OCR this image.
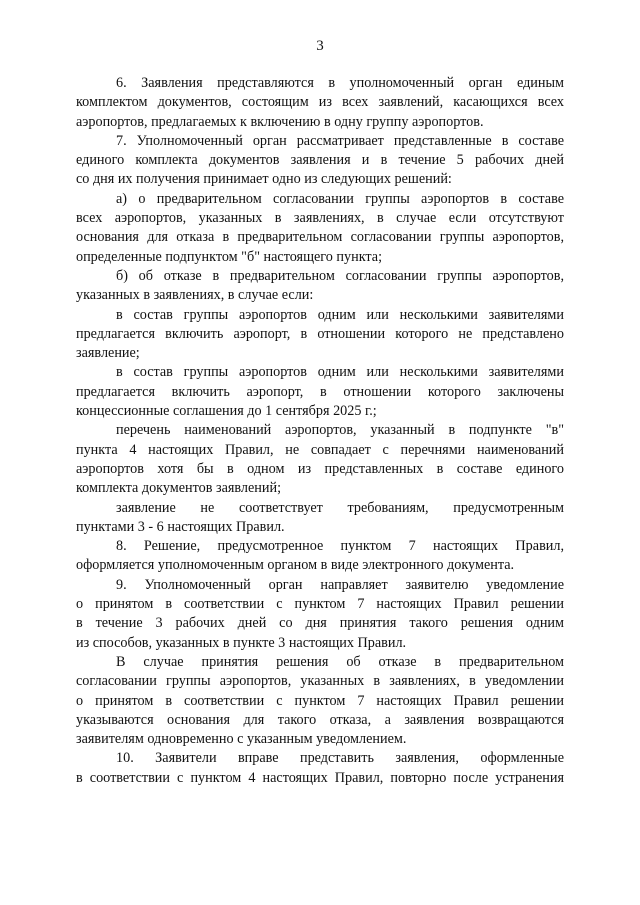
3

6. Заявления представляются в уполномоченный орган единым
комплектом документов, состоящим из всех заявлений, касающихся всех
аэропортов, предлагаемых к включению в одну группу аэропортов.

7. Уполномоченный орган рассматривает представленные в составе
единого комплекта документов заявления и в течение 5 рабочих дней
со дня их получения принимает одно из следующих решений:

а) о предварительном согласовании группы аэропортов в составе
всех аэропортов, указанных в заявлениях, в случае если отсутствуют
основания для отказа в предварительном согласовании группы аэропортов,
определенные подпунктом "б" настоящего пункта;

б) об отказе в предварительном согласовании группы аэропортов,
указанных в заявлениях, в случае если:

в состав группы аэропортов одним или несколькими заявителями
предлагается включить аэропорт, в отношении которого не представлено
заявление;

в состав группы аэропортов одним или несколькими заявителями
предлагается включить аэропорт, в отношении которого заключены
концессионные соглашения до 1 сентября 2025 г.;

перечень наименований аэропортов, указанный в подпункте "в"
пункта 4 настоящих Правил, не совпадает с перечнями наименований
аэропортов хотя бы в одном из представленных в составе единого
комплекта документов заявлений;

заявление не соответствует требованиям, предусмотренным
пунктами 3 - 6 настоящих Правил.

8. Решение, предусмотренное пунктом 7 настоящих Правил,
оформляется уполномоченным органом в виде электронного документа.

9. Уполномоченный орган направляет заявителю уведомление
о принятом в соответствии с пунктом 7 настоящих Правил решении
в течение 3 рабочих дней со дня принятия такого решения одним
из способов, указанных в пункте 3 настоящих Правил.

В случае принятия решения об отказе в предварительном
согласовании группы аэропортов, указанных в заявлениях, в уведомлении
о принятом в соответствии с пунктом 7 настоящих Правил решении
указываются основания для такого отказа, а заявления возвращаются
заявителям одновременно с указанным уведомлением.

10. Заявители вправе представить заявления, оформленные
в соответствии с пунктом 4 настоящих Правил, повторно после устранения
